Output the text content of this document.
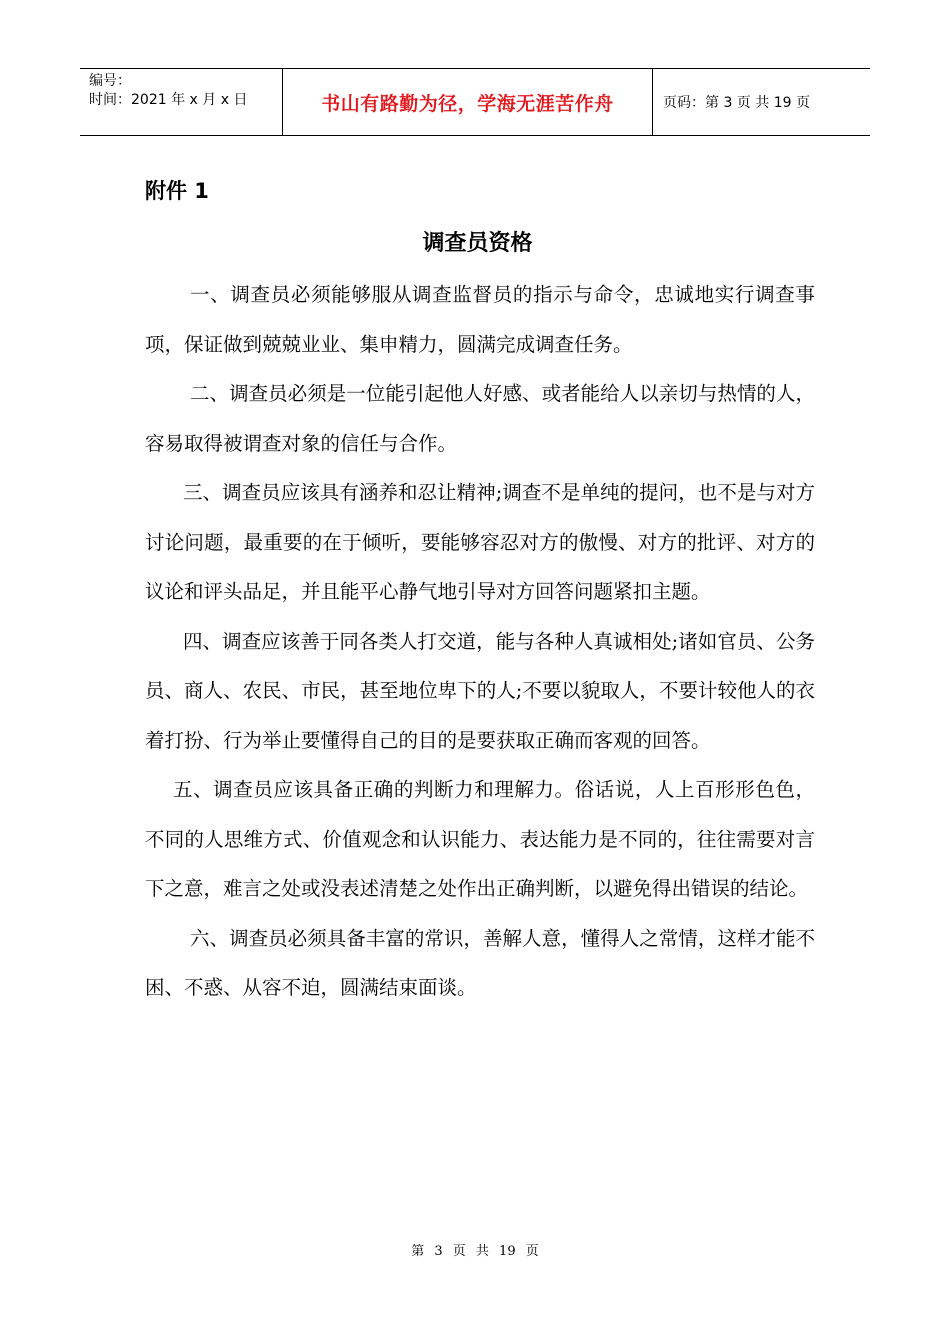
编号：
时间：2021 年 x 月 x 日	书山有路勤为径，学海无涯苦作舟	页码：第 3 页 共 19 页
附件 1
调查员资格

一、调查员必须能够服从调查监督员的指示与命令，忠诚地实行调查事项，保证做到兢兢业业、集申精力，圆满完成调查任务。

二、调查员必须是一位能引起他人好感、或者能给人以亲切与热情的人，容易取得被谓查对象的信任与合作。

三、调查员应该具有涵养和忍让精神;调查不是单纯的提问，也不是与对方讨论问题，最重要的在于倾听，要能够容忍对方的傲慢、对方的批评、对方的议论和评头品足，并且能平心静气地引导对方回答问题紧扣主题。

四、调查应该善于同各类人打交道，能与各种人真诚相处;诸如官员、公务员、商人、农民、市民，甚至地位卑下的人;不要以貌取人，不要计较他人的衣着打扮、行为举止要懂得自己的目的是要获取正确而客观的回答。

五、调查员应该具备正确的判断力和理解力。俗话说，人上百形形色色，不同的人思维方式、价值观念和认识能力、表达能力是不同的，往往需要对言下之意，难言之处或没表述清楚之处作出正确判断，以避免得出错误的结论。

六、调查员必须具备丰富的常识，善解人意，懂得人之常情，这样才能不困、不惑、从容不迫，圆满结束面谈。

第 3 页 共 19 页
